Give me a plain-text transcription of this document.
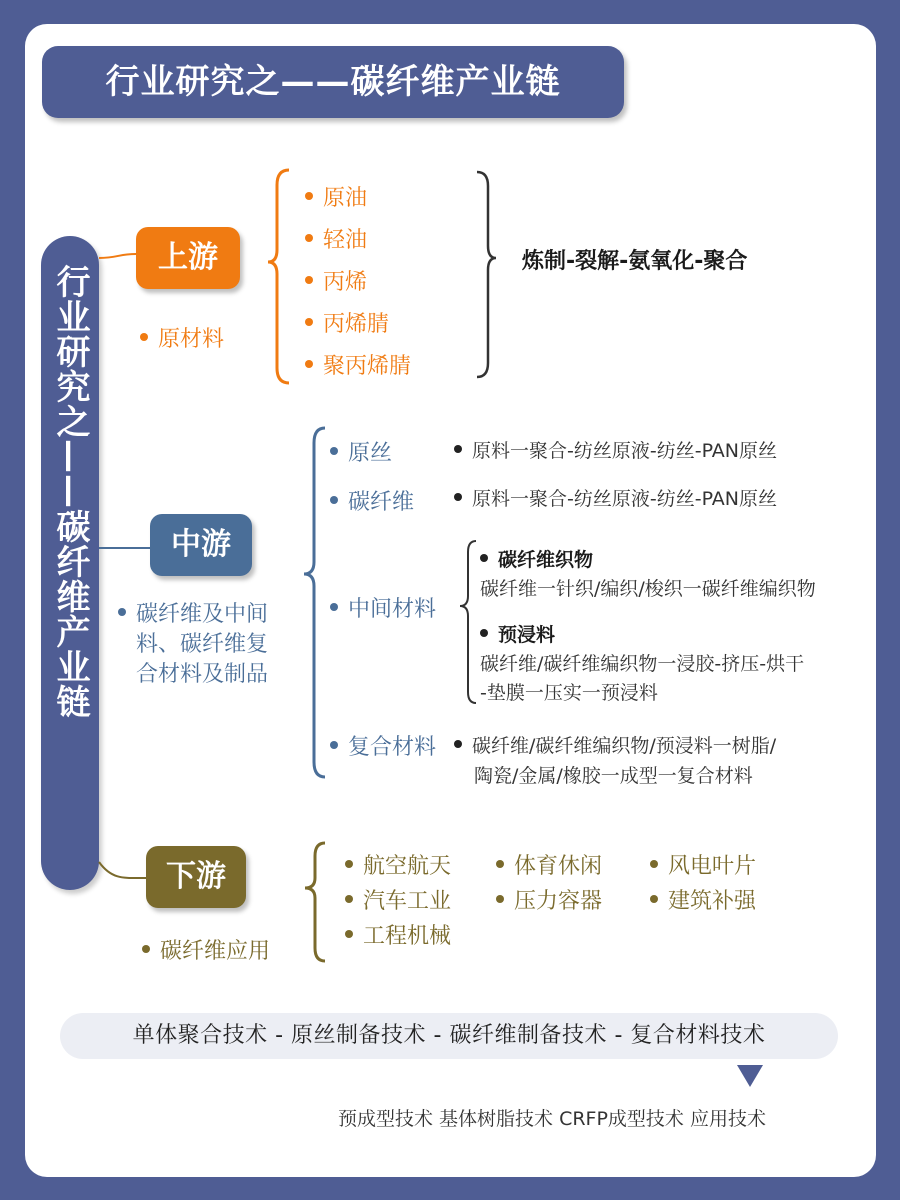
行业研究之——碳纤维产业链
行业研究之——碳纤维产业链
上游
原材料
原油
轻油
丙烯
丙烯腈
聚丙烯腈
炼制-裂解-氨氧化-聚合
中游
碳纤维及中间
料、碳纤维复
合材料及制品
原丝	原料一聚合-纺丝原液-纺丝-PAN原丝
碳纤维	原料一聚合-纺丝原液-纺丝-PAN原丝
中间材料
碳纤维织物
碳纤维一针织/编织/梭织一碳纤维编织物
预浸料
碳纤维/碳纤维编织物一浸胶-挤压-烘干
-垫膜一压实一预浸料
复合材料	碳纤维/碳纤维编织物/预浸料一树脂/
陶瓷/金属/橡胶一成型一复合材料
下游
碳纤维应用
航空航天	体育休闲	风电叶片
汽车工业	压力容器	建筑补强
工程机械
单体聚合技术 - 原丝制备技术 - 碳纤维制备技术 - 复合材料技术
预成型技术 基体树脂技术 CRFP成型技术 应用技术
